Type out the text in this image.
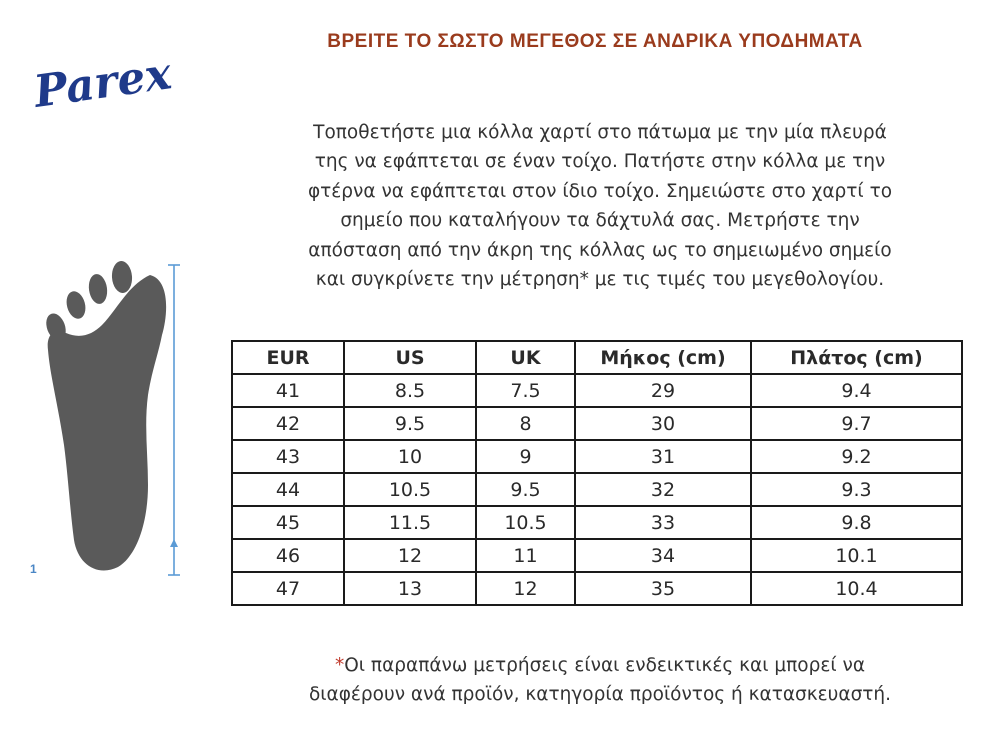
Parex
ΒΡΕΙΤΕ ΤΟ ΣΩΣΤΟ ΜΕΓΕΘΟΣ ΣΕ ΑΝΔΡΙΚΑ ΥΠΟΔΗΜΑΤΑ
Τοποθετήστε μια κόλλα χαρτί στο πάτωμα με την μία πλευρά
της να εφάπτεται σε έναν τοίχο. Πατήστε στην κόλλα με την
φτέρνα να εφάπτεται στον ίδιο τοίχο. Σημειώστε στο χαρτί το
σημείο που καταλήγουν τα δάχτυλά σας. Μετρήστε την
απόσταση από την άκρη της κόλλας ως το σημειωμένο σημείο
και συγκρίνετε την μέτρηση* με τις τιμές του μεγεθολογίου.
1
EUR	US	UK	Μήκος (cm)	Πλάτος (cm)
41	8.5	7.5	29	9.4
42	9.5	8	30	9.7
43	10	9	31	9.2
44	10.5	9.5	32	9.3
45	11.5	10.5	33	9.8
46	12	11	34	10.1
47	13	12	35	10.4
*Οι παραπάνω μετρήσεις είναι ενδεικτικές και μπορεί να
διαφέρουν ανά προϊόν, κατηγορία προϊόντος ή κατασκευαστή.
